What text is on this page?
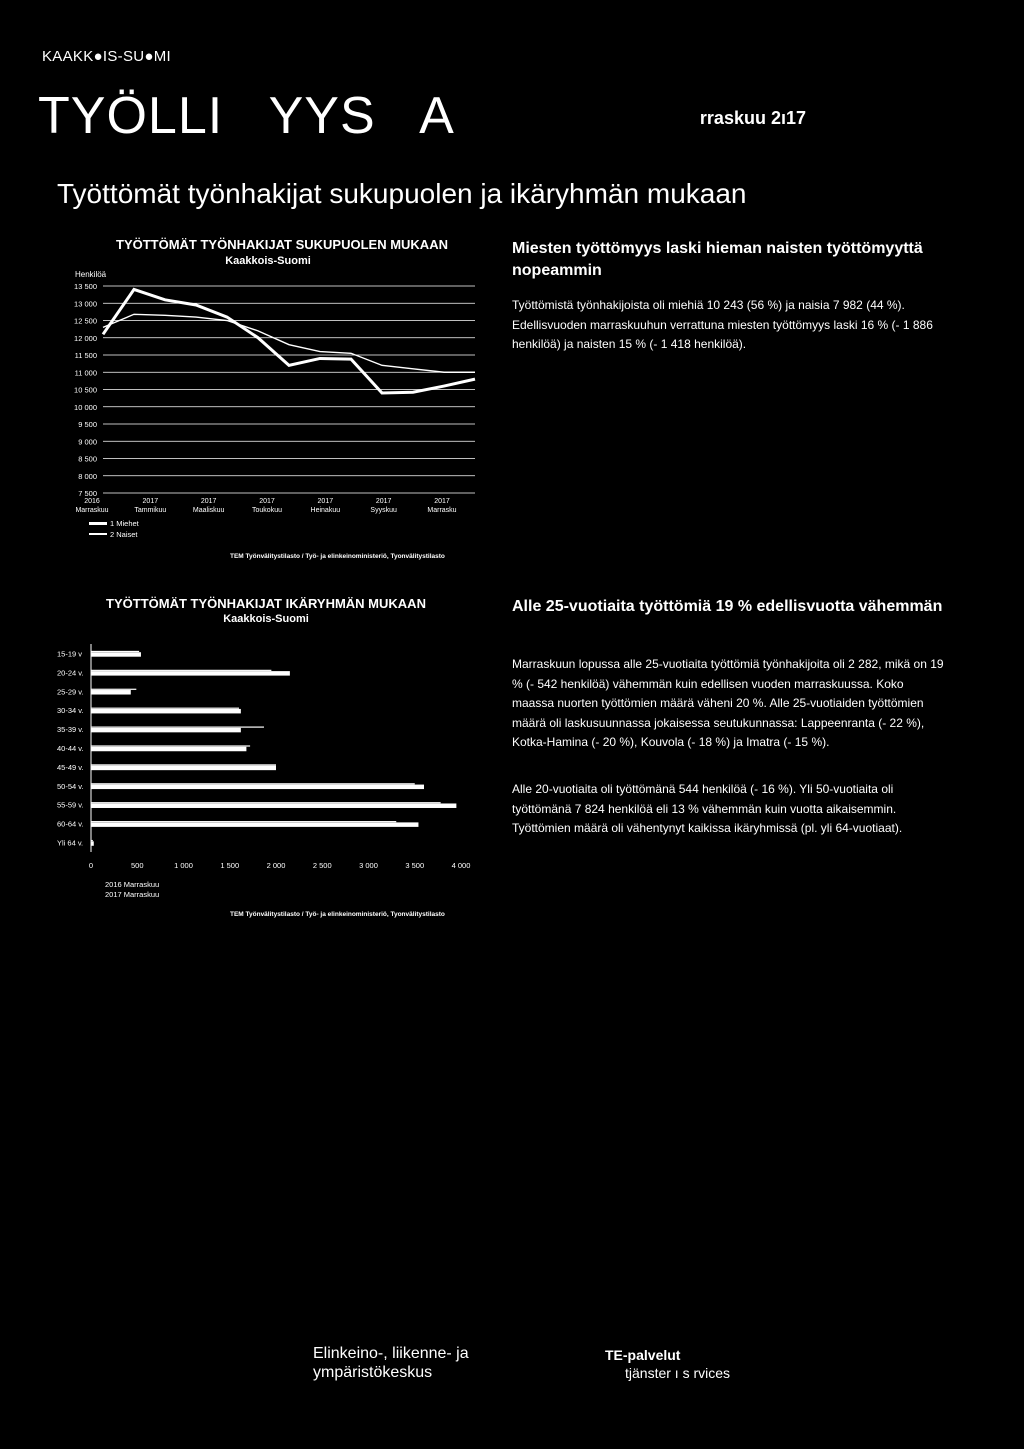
KAAKK●IS-SU●MI
TYÖLLI   YYS   A	rraskuu 2ı17
Työttömät työnhakijat sukupuolen ja ikäryhmän mukaan
TYÖTTÖMÄT TYÖNHAKIJAT SUKUPUOLEN MUKAAN
Kaakkois-Suomi
13 500
13 000
12 500
12 000
11 500
11 000
10 500
10 000
9 500
9 000
8 500
8 000
7 500
2016
Marraskuu
2017
Tammikuu
2017
Maaliskuu
2017
Toukokuu
2017
Heinakuu
2017
Syyskuu
2017
Marrasku
Henkilöä
1 Miehet
2 Naiset
TEM Työnvälitystilasto / Työ- ja elinkeinoministeriö, Tyonvälitystilasto
Miesten työttömyys laski hieman naisten työttömyyttä nopeammin
Työttömistä työnhakijoista oli miehiä 10 243 (56 %) ja naisia 7 982 (44 %). Edellisvuoden marraskuuhun verrattuna miesten työttömyys laski 16 % (- 1 886 henkilöä) ja naisten 15 % (- 1 418 henkilöä).
TYÖTTÖMÄT TYÖNHAKIJAT IKÄRYHMÄN MUKAAN
Kaakkois-Suomi
15-19 v
20-24 v.
25-29 v.
30-34 v.
35-39 v.
40-44 v.
45-49 v.
50-54 v.
55-59 v.
60-64 v.
Yli 64 v.
0	500	1 000	1 500	2 000	2 500	3 000	3 500	4 000
2016 Marraskuu
2017 Marraskuu
TEM Työnvälitystilasto / Työ- ja elinkeinoministeriö, Tyonvälitystilasto
Alle 25-vuotiaita työttömiä 19 % edellisvuotta vähemmän
Marraskuun lopussa alle 25-vuotiaita työttömiä työnhakijoita oli 2 282, mikä on 19 % (- 542 henkilöä) vähemmän kuin edellisen vuoden marraskuussa. Koko maassa nuorten työttömien määrä väheni 20 %. Alle 25-vuotiaiden työttömien määrä oli laskusuunnassa jokaisessa seutukunnassa: Lappeenranta (- 22 %), Kotka-Hamina (- 20 %), Kouvola (- 18 %) ja Imatra (- 15 %).
Alle 20-vuotiaita oli työttömänä 544 henkilöä (- 16 %). Yli 50-vuotiaita oli työttömänä 7 824 henkilöä eli 13 % vähemmän kuin vuotta aikaisemmin. Työttömien määrä oli vähentynyt kaikissa ikäryhmissä (pl. yli 64-vuotiaat).
Elinkeino-, liikenne- ja
ympäristökeskus
TE-palvelut
tjänster ı s rvices
